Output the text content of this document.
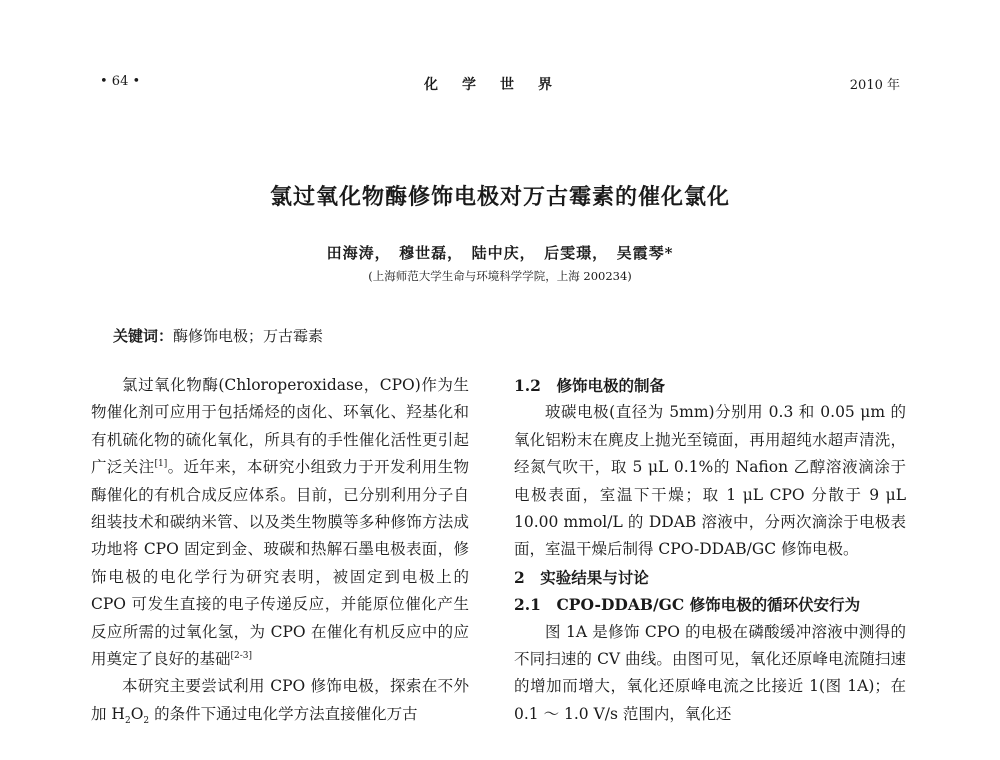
• 64 •	化学世界	2010 年
氯过氧化物酶修饰电极对万古霉素的催化氯化
田海涛，　穆世磊，　陆中庆，　后雯璟，　吴霞琴*
(上海师范大学生命与环境科学学院，上海 200234)
关键词：酶修饰电极；万古霉素

氯过氧化物酶(Chloroperoxidase，CPO)作为生物催化剂可应用于包括烯烃的卤化、环氧化、羟基化和有机硫化物的硫化氧化，所具有的手性催化活性更引起广泛关注[1]。近年来，本研究小组致力于开发利用生物酶催化的有机合成反应体系。目前，已分别利用分子自组装技术和碳纳米管、以及类生物膜等多种修饰方法成功地将 CPO 固定到金、玻碳和热解石墨电极表面，修饰电极的电化学行为研究表明，被固定到电极上的 CPO 可发生直接的电子传递反应，并能原位催化产生反应所需的过氧化氢，为 CPO 在催化有机反应中的应用奠定了良好的基础[2-3]

本研究主要尝试利用 CPO 修饰电极，探索在不外加 $H_2O_2$ 的条件下通过电化学方法直接催化万古

1.2　修饰电极的制备

玻碳电极(直径为 5mm)分别用 0.3 和 0.05 μm 的氧化铝粉末在麂皮上抛光至镜面，再用超纯水超声清洗，经氮气吹干，取 5 μL 0.1%的 Nafion 乙醇溶液滴涂于电极表面，室温下干燥；取 1 μL CPO 分散于 9 μL 10.00 mmol/L 的 DDAB 溶液中，分两次滴涂于电极表面，室温干燥后制得 CPO-DDAB/GC 修饰电极。

2　实验结果与讨论

2.1　CPO-DDAB/GC 修饰电极的循环伏安行为

图 1A 是修饰 CPO 的电极在磷酸缓冲溶液中测得的不同扫速的 CV 曲线。由图可见，氧化还原峰电流随扫速的增加而增大，氧化还原峰电流之比接近 1(图 1A)；在 0.1 ～ 1.0 V/s 范围内，氧化还
